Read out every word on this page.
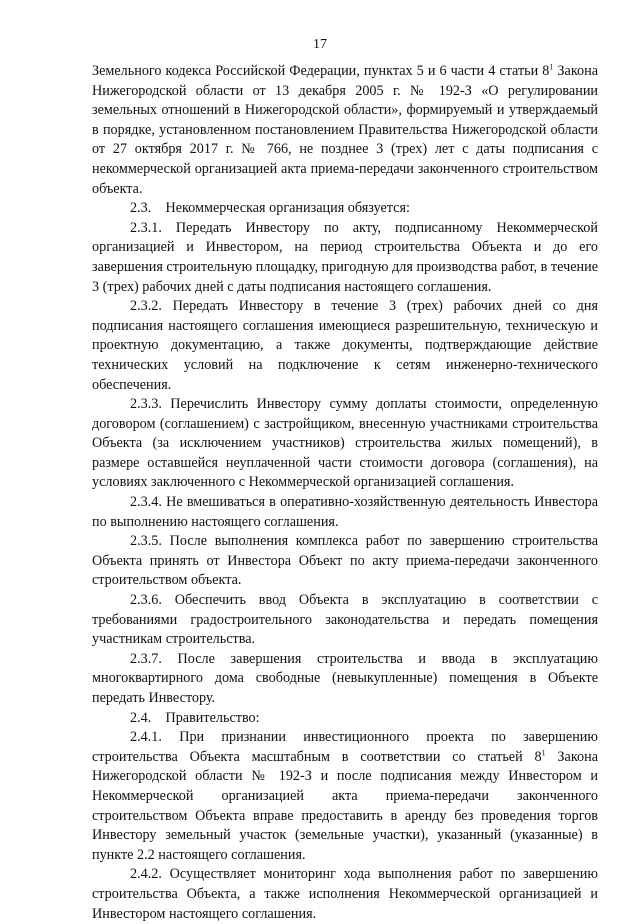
17

Земельного кодекса Российской Федерации, пунктах 5 и 6 части 4 статьи $8^1$ Закона Нижегородской области от 13 декабря 2005 г. № 192-З «О регулировании земельных отношений в Нижегородской области», формируемый и утверждаемый в порядке, установленном постановлением Правительства Нижегородской области от 27 октября 2017 г. № 766, не позднее 3 (трех) лет с даты подписания с некоммерческой организацией акта приема-передачи законченного строительством объекта.

2.3.    Некоммерческая организация обязуется:

2.3.1. Передать Инвестору по акту, подписанному Некоммерческой организацией и Инвестором, на период строительства Объекта и до его завершения строительную площадку, пригодную для производства работ, в течение 3 (трех) рабочих дней с даты подписания настоящего соглашения.

2.3.2. Передать Инвестору в течение 3 (трех) рабочих дней со дня подписания настоящего соглашения имеющиеся разрешительную, техническую и проектную документацию, а также документы, подтверждающие действие технических условий на подключение к сетям инженерно-технического обеспечения.

2.3.3. Перечислить Инвестору сумму доплаты стоимости, определенную договором (соглашением) с застройщиком, внесенную участниками строительства Объекта (за исключением участников) строительства жилых помещений), в размере оставшейся неуплаченной части стоимости договора (соглашения), на условиях заключенного с Некоммерческой организацией соглашения.

2.3.4. Не вмешиваться в оперативно-хозяйственную деятельность Инвестора по выполнению настоящего соглашения.

2.3.5. После выполнения комплекса работ по завершению строительства Объекта принять от Инвестора Объект по акту приема-передачи законченного строительством объекта.

2.3.6. Обеспечить ввод Объекта в эксплуатацию в соответствии с требованиями градостроительного законодательства и передать помещения участникам строительства.

2.3.7. После завершения строительства и ввода в эксплуатацию многоквартирного дома свободные (невыкупленные) помещения в Объекте передать Инвестору.

2.4.    Правительство:

2.4.1. При признании инвестиционного проекта по завершению строительства Объекта масштабным в соответствии со статьей $8^1$ Закона Нижегородской области № 192-З и после подписания между Инвестором и Некоммерческой организацией акта приема-передачи законченного строительством Объекта вправе предоставить в аренду без проведения торгов Инвестору земельный участок (земельные участки), указанный (указанные) в пункте 2.2 настоящего соглашения.

2.4.2. Осуществляет мониторинг хода выполнения работ по завершению строительства Объекта, а также исполнения Некоммерческой организацией и Инвестором настоящего соглашения.
